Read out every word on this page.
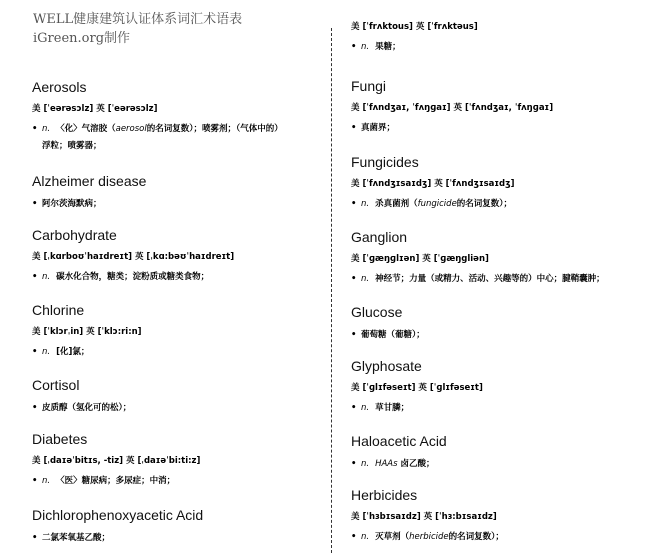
WELL健康建筑认证体系词汇术语表
iGreen.org制作
Aerosols
美 [ˈeərəsɔlz] 英 [ˈeərəsɔlz]
• n. 〈化〉气溶胶（aerosol的名词复数）；喷雾剂；（气体中的）
浮粒；喷雾器；
Alzheimer disease
• 阿尔茨海默病；
Carbohydrate
美 [ˌkɑrboʊˈhaɪdreɪt] 英 [ˌkɑ:bəʊˈhaɪdreɪt]
• n. 碳水化合物，糖类；淀粉质或糖类食物；
Chlorine
美 [ˈklɔrˌin] 英 [ˈklɔ:ri:n]
• n. [化]氯；
Cortisol
• 皮质醇（氢化可的松）；
Diabetes
美 [ˌdaɪəˈbitɪs, -tiz] 英 [ˌdaɪəˈbi:ti:z]
• n. 〈医〉糖尿病；多尿症；中消；
Dichlorophenoxyacetic Acid
• 二氯苯氧基乙酸；
美 [ˈfrʌktous] 英 [ˈfrʌktəus]
• n. 果糖；
Fungi
美 [ˈfʌndʒaɪ, ˈfʌŋɡaɪ] 英 [ˈfʌndʒaɪ, ˈfʌŋɡaɪ]
• 真菌界；
Fungicides
美 [ˈfʌndʒɪsaɪdʒ] 英 [ˈfʌndʒɪsaɪdʒ]
• n. 杀真菌剂（fungicide的名词复数）；
Ganglion
美 [ˈɡæŋɡlɪən] 英 [ˈɡæŋgliən]
• n. 神经节；力量（或精力、活动、兴趣等的）中心；腱鞘囊肿；
Glucose
• 葡萄糖（葡糖）；
Glyphosate
美 [ˈɡlɪfəseɪt] 英 [ˈɡlɪfəseɪt]
• n. 草甘膦；
Haloacetic Acid
• n. HAAs 卤乙酸；
Herbicides
美 [ˈhɜbɪsaɪdz] 英 [ˈhɜ:bɪsaɪdz]
• n. 灭草剂（herbicide的名词复数）；
